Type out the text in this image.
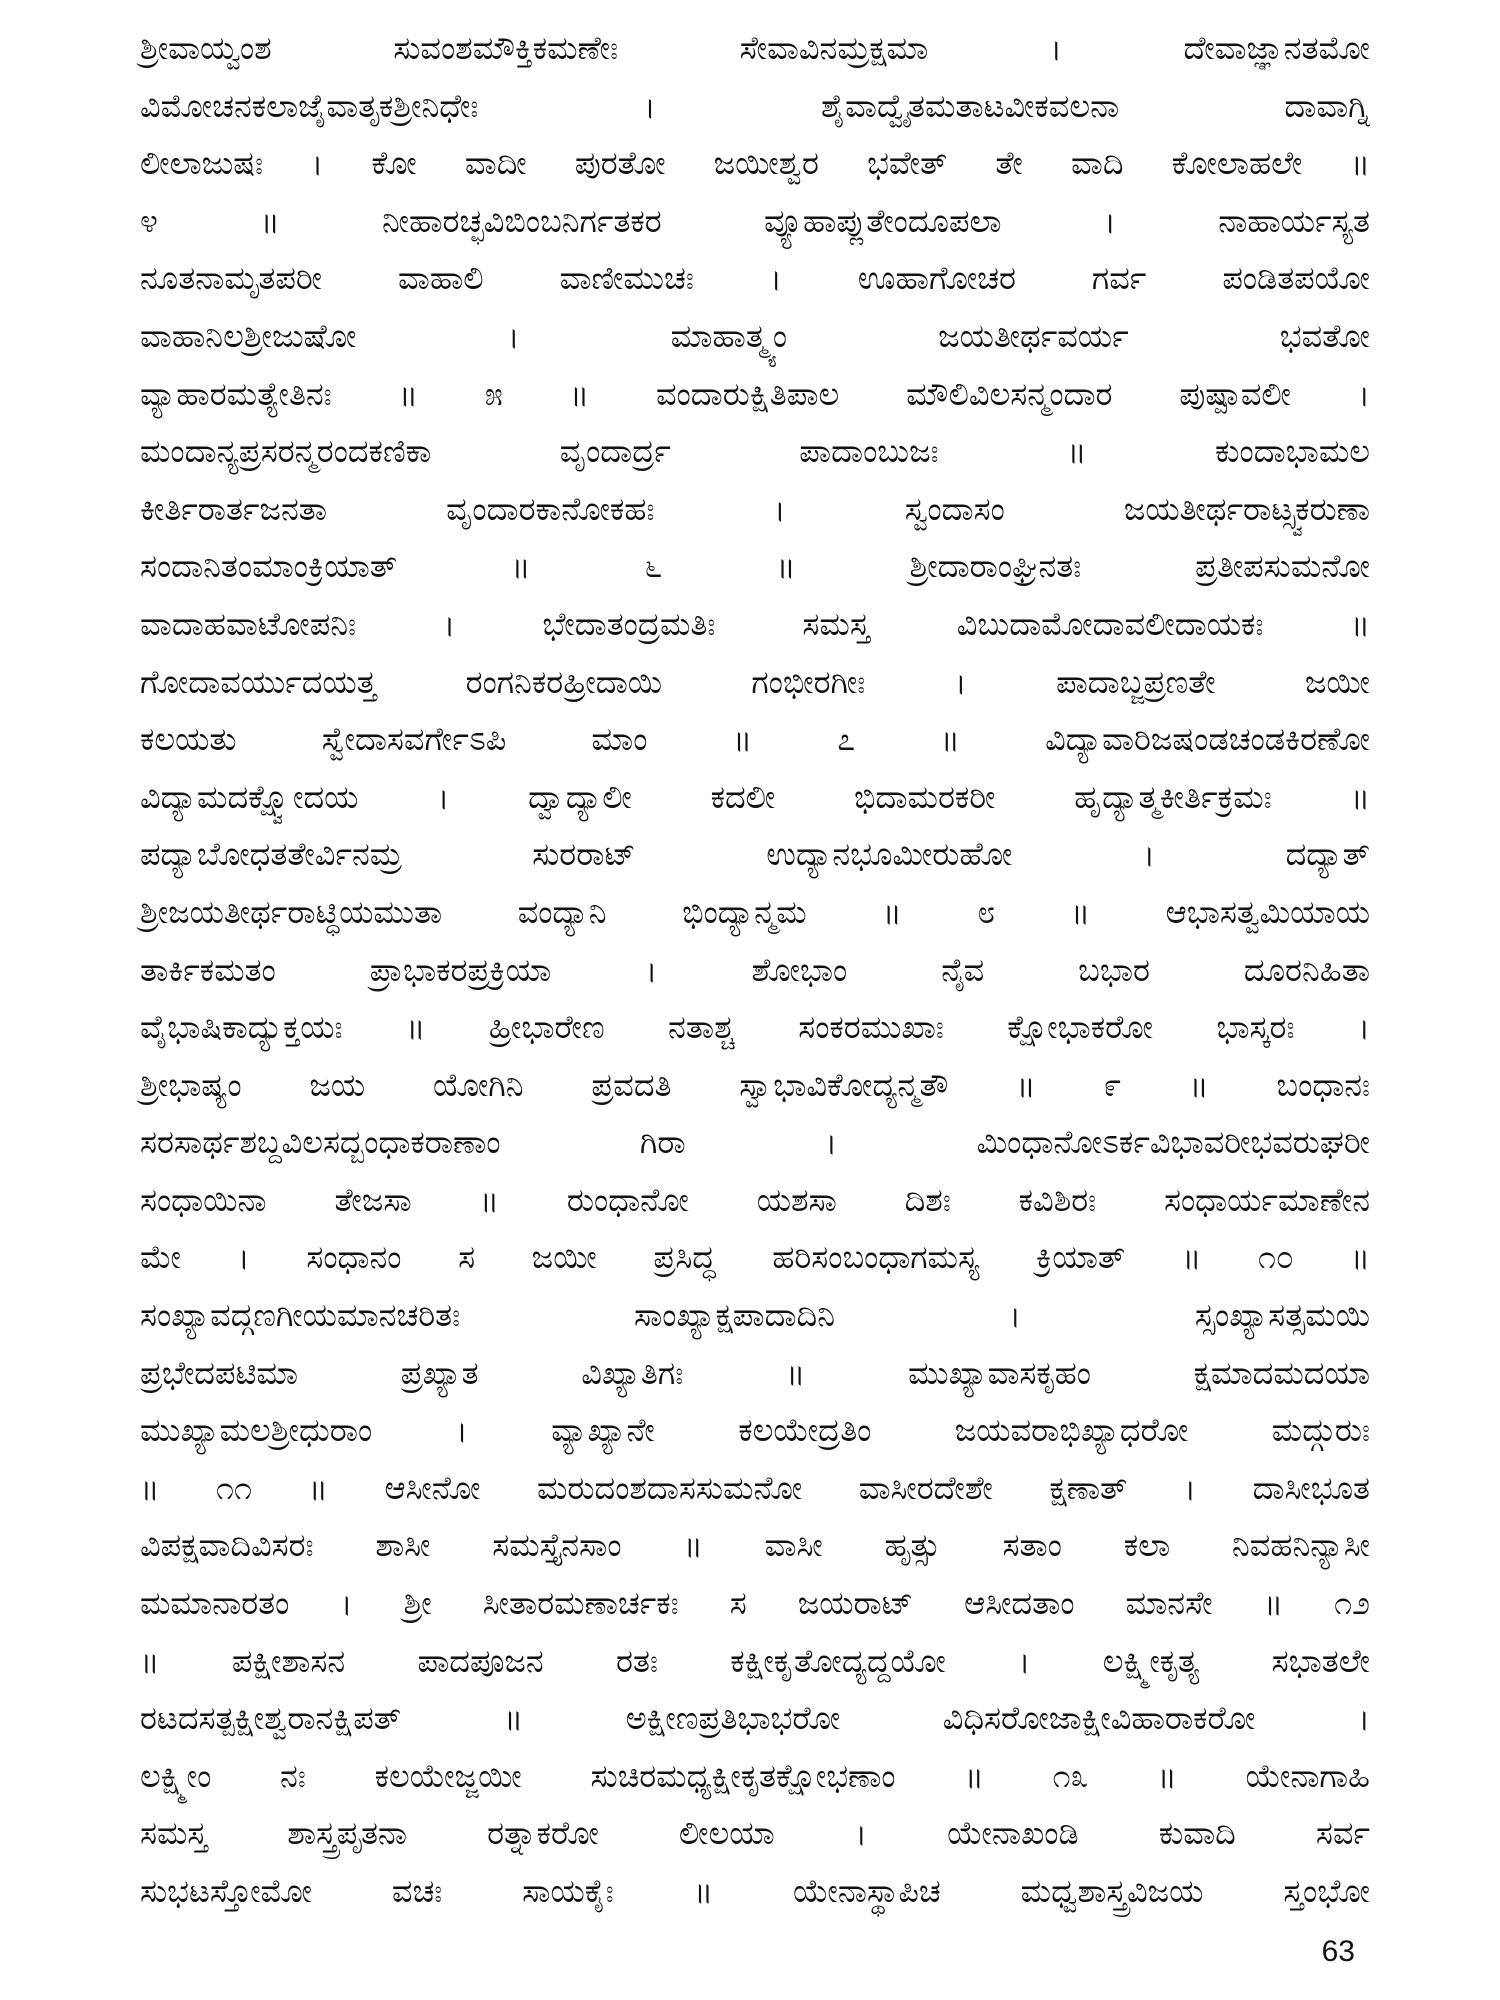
ಶ್ರೀವಾಯ್ವಂಶ ಸುವಂಶಮೌಕ್ತಿಕಮಣೇಃ ಸೇವಾವಿನಮ್ರಕ್ಷಮಾ । ದೇವಾಜ್ಞಾನತಮೋ
ವಿಮೋಚನಕಲಾಜೈವಾತೃಕಶ್ರೀನಿಧೇಃ । ಶೈವಾದ್ವೈತಮತಾಟವೀಕವಲನಾ ದಾವಾಗ್ನಿ
ಲೀಲಾಜುಷಃ । ಕೋ ವಾದೀ ಪುರತೋ ಜಯೀಶ್ವರ ಭವೇತ್ ತೇ ವಾದಿ ಕೋಲಾಹಲೇ ॥
೪ ॥ ನೀಹಾರಚ್ಛವಿಬಿಂಬನಿರ್ಗತಕರ ವ್ಯೂಹಾಪ್ಲುತೇಂದೂಪಲಾ । ನಾಹಾರ್ಯಸ್ಯತ
ನೂತನಾಮೃತಪರೀ ವಾಹಾಲಿ ವಾಣೀಮುಚಃ । ಊಹಾಗೋಚರ ಗರ್ವ ಪಂಡಿತಪಯೋ
ವಾಹಾನಿಲಶ್ರೀಜುಷೋ । ಮಾಹಾತ್ಮ್ಯಂ ಜಯತೀರ್ಥವರ್ಯ ಭವತೋ
ವ್ಯಾಹಾರಮತ್ಯೇತಿನಃ ॥ ೫ ॥ ವಂದಾರುಕ್ಷಿತಿಪಾಲ ಮೌಲಿವಿಲಸನ್ಮಂದಾರ ಪುಷ್ಪಾವಲೀ ।
ಮಂದಾನ್ಯಪ್ರಸರನ್ಮರಂದಕಣಿಕಾ ವೃಂದಾರ್ದ್ರ ಪಾದಾಂಬುಜಃ ॥ ಕುಂದಾಭಾಮಲ
ಕೀರ್ತಿರಾರ್ತಜನತಾ ವೃಂದಾರಕಾನೋಕಹಃ । ಸ್ವಂದಾಸಂ ಜಯತೀರ್ಥರಾಟ್ಸ್ವಕರುಣಾ
ಸಂದಾನಿತಂಮಾಂಕ್ರಿಯಾತ್ ॥ ೬ ॥ ಶ್ರೀದಾರಾಂಘ್ರಿನತಃ ಪ್ರತೀಪಸುಮನೋ
ವಾದಾಹವಾಟೋಪನಿಃ । ಭೇದಾತಂದ್ರಮತಿಃ ಸಮಸ್ತ ವಿಬುದಾಮೋದಾವಲೀದಾಯಕಃ ॥
ಗೋದಾವರ್ಯುದಯತ್ತ ರಂಗನಿಕರಹ್ರೀದಾಯಿ ಗಂಭೀರಗೀಃ । ಪಾದಾಬ್ಜಪ್ರಣತೇ ಜಯೀ
ಕಲಯತು ಸ್ವೇದಾಸವರ್ಗೇಽಪಿ ಮಾಂ ॥ ೭ ॥ ವಿದ್ಯಾವಾರಿಜಷಂಡಚಂಡಕಿರಣೋ
ವಿದ್ಯಾಮದಕ್ಷ್ವೋದಯ । ದ್ವಾದ್ಯಾಲೀ ಕದಲೀ ಭಿದಾಮರಕರೀ ಹೃದ್ಯಾತ್ಮಕೀರ್ತಿಕ್ರಮಃ ॥
ಪದ್ಯಾಬೋಧತತೇರ್ವಿನಮ್ರ ಸುರರಾಟ್ ಉದ್ಯಾನಭೂಮೀರುಹೋ । ದದ್ಯಾತ್
ಶ್ರೀಜಯತೀರ್ಥರಾಟ್ಧಿಯಮುತಾ ವಂದ್ಯಾನಿ ಭಿಂದ್ಯಾನ್ಮಮ ॥ ೮ ॥ ಆಭಾಸತ್ವಮಿಯಾಯ
ತಾರ್ಕಿಕಮತಂ ಪ್ರಾಭಾಕರಪ್ರಕ್ರಿಯಾ । ಶೋಭಾಂ ನೈವ ಬಭಾರ ದೂರನಿಹಿತಾ
ವೈಭಾಷಿಕಾದ್ಯುಕ್ತಯಃ ॥ ಹ್ರೀಭಾರೇಣ ನತಾಶ್ಚ ಸಂಕರಮುಖಾಃ ಕ್ಷೋಭಾಕರೋ ಭಾಸ್ಕರಃ ।
ಶ್ರೀಭಾಷ್ಯಂ ಜಯ ಯೋಗಿನಿ ಪ್ರವದತಿ ಸ್ವಾಭಾವಿಕೋದ್ಯನ್ಮತೌ ॥ ೯ ॥ ಬಂಧಾನಃ
ಸರಸಾರ್ಥಶಬ್ದವಿಲಸದ್ಬಂಧಾಕರಾಣಾಂ ಗಿರಾ । ಮಿಂಧಾನೋಽರ್ಕವಿಭಾವರೀಭವರುಘರೀ
ಸಂಧಾಯಿನಾ ತೇಜಸಾ ॥ ರುಂಧಾನೋ ಯಶಸಾ ದಿಶಃ ಕವಿಶಿರಃ ಸಂಧಾರ್ಯಮಾಣೇನ
ಮೇ । ಸಂಧಾನಂ ಸ ಜಯೀ ಪ್ರಸಿದ್ಧ ಹರಿಸಂಬಂಧಾಗಮಸ್ಯ ಕ್ರಿಯಾತ್ ॥ ೧೦ ॥
ಸಂಖ್ಯಾವದ್ಗಣಗೀಯಮಾನಚರಿತಃ ಸಾಂಖ್ಯಾಕ್ಷಪಾದಾದಿನಿ । ಸ್ಸಂಖ್ಯಾಸತ್ಸಮಯಿ
ಪ್ರಭೇದಪಟಿಮಾ ಪ್ರಖ್ಯಾತ ವಿಖ್ಯಾತಿಗಃ ॥ ಮುಖ್ಯಾವಾಸಕೃಹಂ ಕ್ಷಮಾದಮದಯಾ
ಮುಖ್ಯಾಮಲಶ್ರೀಧುರಾಂ । ವ್ಯಾಖ್ಯಾನೇ ಕಲಯೇದ್ರತಿಂ ಜಯವರಾಭಿಖ್ಯಾಧರೋ ಮದ್ಗುರುಃ
॥ ೧೧ ॥ ಆಸೀನೋ ಮರುದಂಶದಾಸಸುಮನೋ ವಾಸೀರದೇಶೇ ಕ್ಷಣಾತ್ । ದಾಸೀಭೂತ
ವಿಪಕ್ಷವಾದಿವಿಸರಃ ಶಾಸೀ ಸಮಸ್ತೈನಸಾಂ ॥ ವಾಸೀ ಹೃತ್ಸು ಸತಾಂ ಕಲಾ ನಿವಹನಿನ್ಯಾಸೀ
ಮಮಾನಾರತಂ । ಶ್ರೀ ಸೀತಾರಮಣಾರ್ಚಕಃ ಸ ಜಯರಾಟ್ ಆಸೀದತಾಂ ಮಾನಸೇ ॥ ೧೨
॥ ಪಕ್ಷೀಶಾಸನ ಪಾದಪೂಜನ ರತಃ ಕಕ್ಷೀಕೃತೋದ್ಯದ್ದಯೋ । ಲಕ್ಷ್ಮೀಕೃತ್ಯ ಸಭಾತಲೇ
ರಟದಸತ್ಪಕ್ಷೀಶ್ವರಾನಕ್ಷಿಪತ್ ॥ ಅಕ್ಷೀಣಪ್ರತಿಭಾಭರೋ ವಿಧಿಸರೋಜಾಕ್ಷೀವಿಹಾರಾಕರೋ ।
ಲಕ್ಷ್ಮೀಂ ನಃ ಕಲಯೇಜ್ಜಯೀ ಸುಚಿರಮಧ್ಯಕ್ಷೀಕೃತಕ್ಷೋಭಣಾಂ ॥ ೧೩ ॥ ಯೇನಾಗಾಹಿ
ಸಮಸ್ತ ಶಾಸ್ತ್ರಪೃತನಾ ರತ್ನಾಕರೋ ಲೀಲಯಾ । ಯೇನಾಖಂಡಿ ಕುವಾದಿ ಸರ್ವ
ಸುಭಟಸ್ತೋಮೋ ವಚಃ ಸಾಯಕೈಃ ॥ ಯೇನಾಸ್ಥಾಪಿಚ ಮಧ್ವಶಾಸ್ತ್ರವಿಜಯ ಸ್ತಂಭೋ
63
